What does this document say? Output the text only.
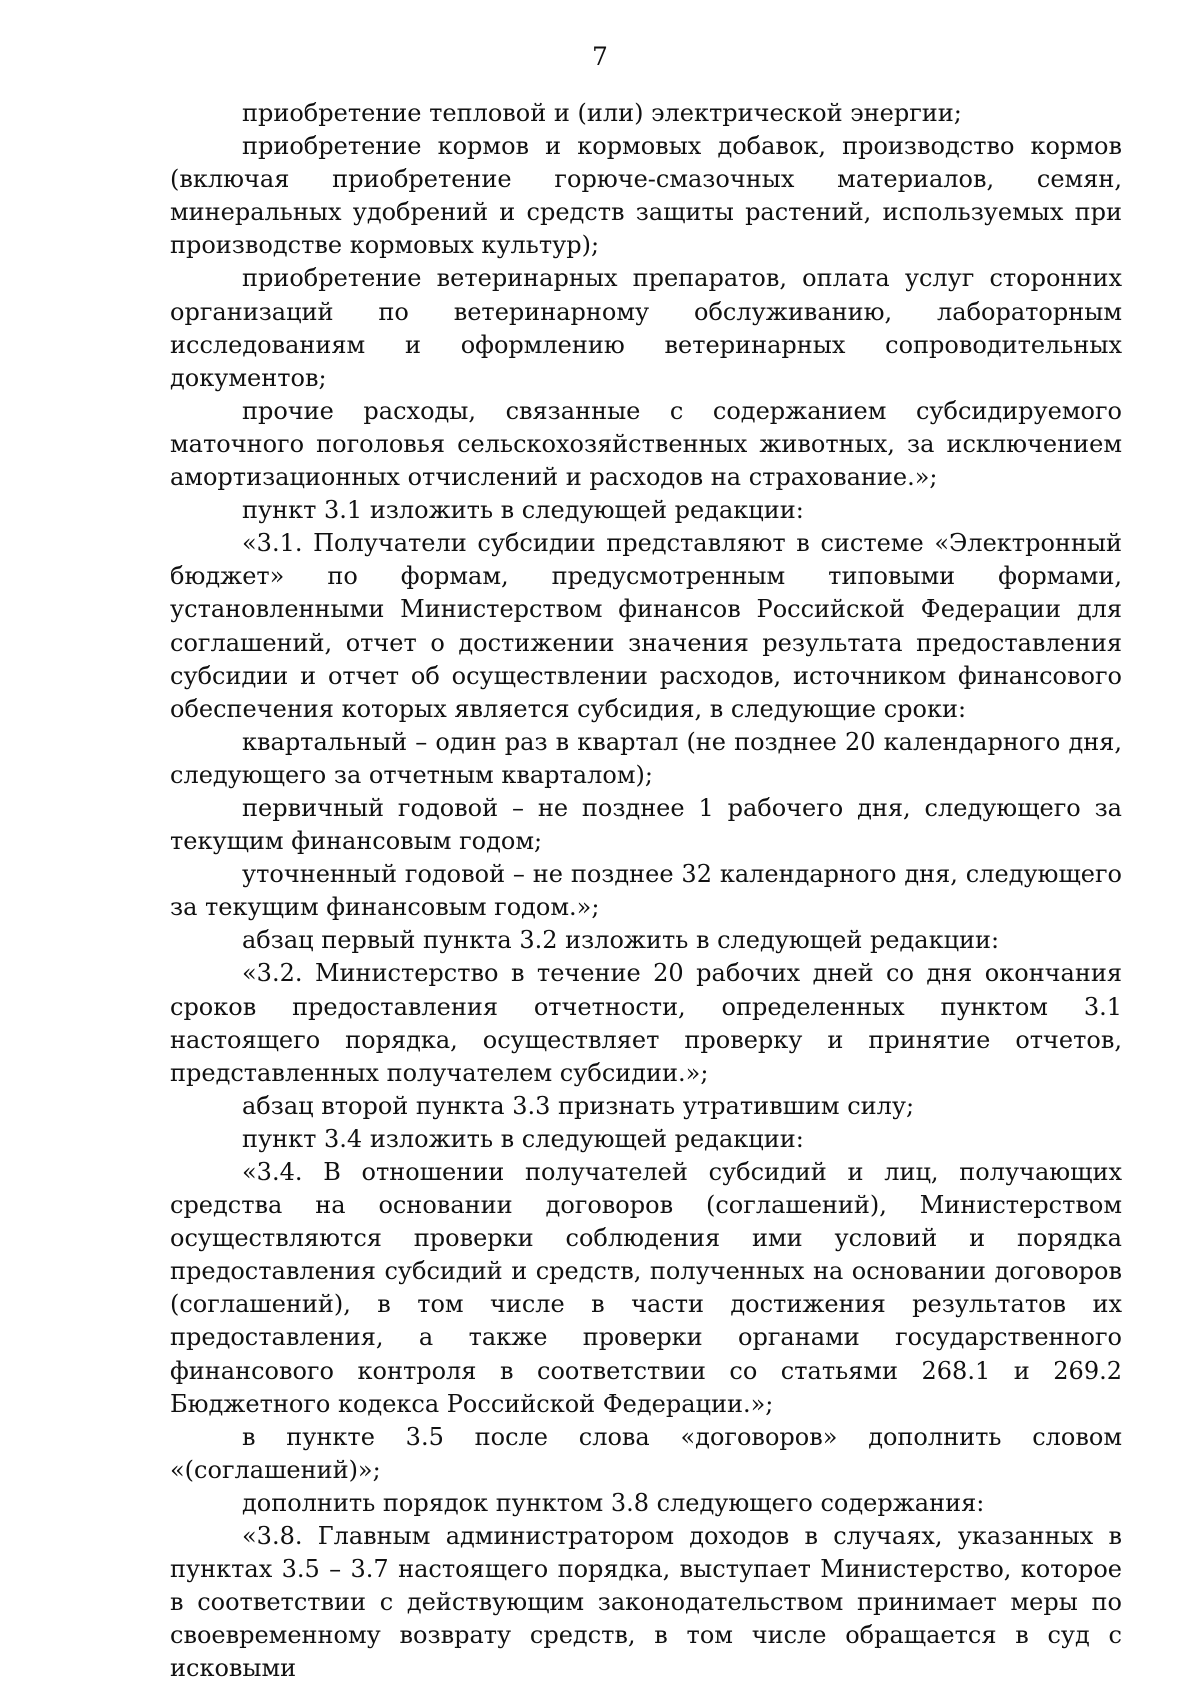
7

приобретение тепловой и (или) электрической энергии;

приобретение кормов и кормовых добавок, производство кормов (включая приобретение горюче-смазочных материалов, семян, минеральных удобрений и средств защиты растений, используемых при производстве кормовых культур);

приобретение ветеринарных препаратов, оплата услуг сторонних организаций по ветеринарному обслуживанию, лабораторным исследованиям и оформлению ветеринарных сопроводительных документов;

прочие расходы, связанные с содержанием субсидируемого маточного поголовья сельскохозяйственных животных, за исключением амортизационных отчислений и расходов на страхование.»;

пункт 3.1 изложить в следующей редакции:

«3.1. Получатели субсидии представляют в системе «Электронный бюджет» по формам, предусмотренным типовыми формами, установленными Министерством финансов Российской Федерации для соглашений, отчет о достижении значения результата предоставления субсидии и отчет об осуществлении расходов, источником финансового обеспечения которых является субсидия, в следующие сроки:

квартальный – один раз в квартал (не позднее 20 календарного дня, следующего за отчетным кварталом);

первичный годовой – не позднее 1 рабочего дня, следующего за текущим финансовым годом;

уточненный годовой – не позднее 32 календарного дня, следующего за текущим финансовым годом.»;

абзац первый пункта 3.2 изложить в следующей редакции:

«3.2. Министерство в течение 20 рабочих дней со дня окончания сроков предоставления отчетности, определенных пунктом 3.1 настоящего порядка, осуществляет проверку и принятие отчетов, представленных получателем субсидии.»;

абзац второй пункта 3.3 признать утратившим силу;

пункт 3.4 изложить в следующей редакции:

«3.4. В отношении получателей субсидий и лиц, получающих средства на основании договоров (соглашений), Министерством осуществляются проверки соблюдения ими условий и порядка предоставления субсидий и средств, полученных на основании договоров (соглашений), в том числе в части достижения результатов их предоставления, а также проверки органами государственного финансового контроля в соответствии со статьями 268.1 и 269.2 Бюджетного кодекса Российской Федерации.»;

в пункте 3.5 после слова «договоров» дополнить словом «(соглашений)»;

дополнить порядок пунктом 3.8 следующего содержания:

«3.8. Главным администратором доходов в случаях, указанных в пунктах 3.5 – 3.7 настоящего порядка, выступает Министерство, которое в соответствии с действующим законодательством принимает меры по своевременному возврату средств, в том числе обращается в суд с исковыми
